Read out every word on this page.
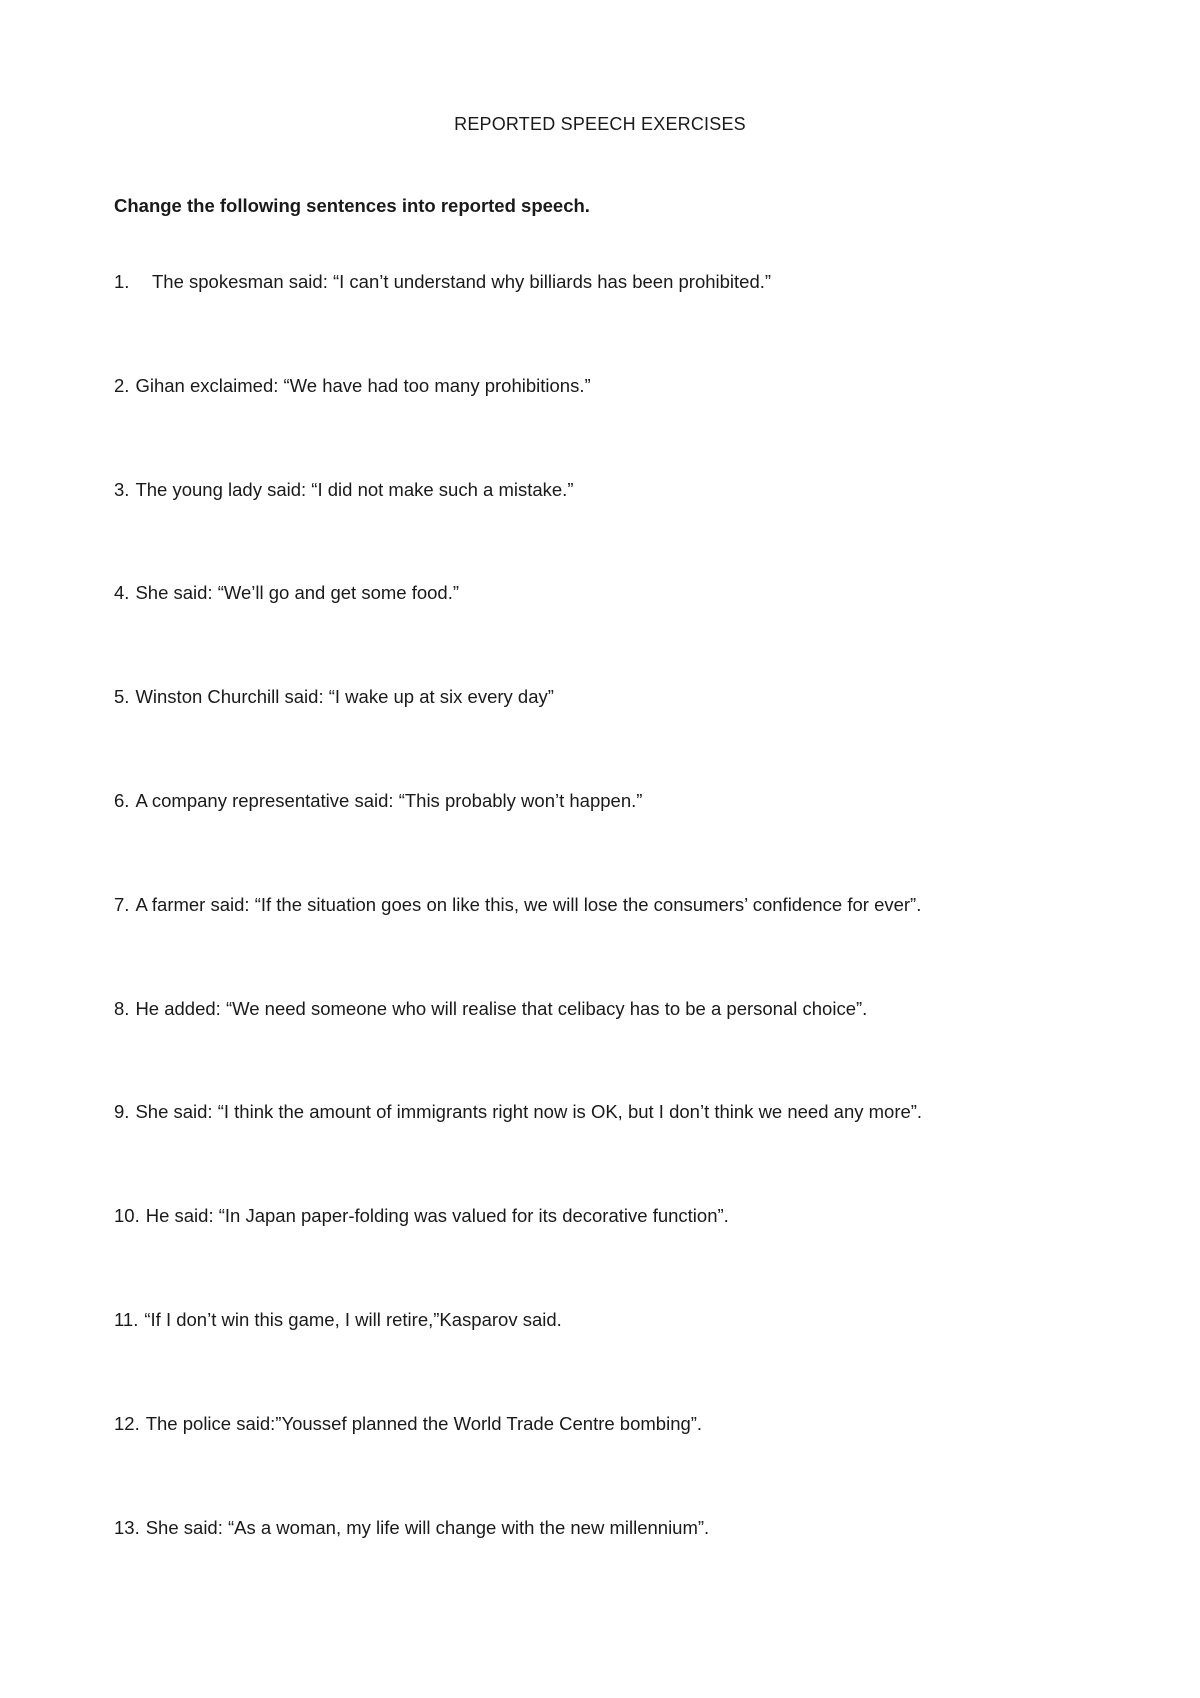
REPORTED SPEECH EXERCISES

Change the following sentences into reported speech.

1. The spokesman said: “I can’t understand why billiards has been prohibited.”
2. Gihan exclaimed: “We have had too many prohibitions.”
3. The young lady said: “I did not make such a mistake.”
4. She said: “We’ll go and get some food.”
5. Winston Churchill said: “I wake up at six every day”
6. A company representative said: “This probably won’t happen.”
7. A farmer said: “If the situation goes on like this, we will lose the consumers’ confidence for ever”.
8. He added: “We need someone who will realise that celibacy has to be a personal choice”.
9. She said: “I think the amount of immigrants right now is OK, but I don’t think we need any more”.
10. He said: “In Japan paper-folding was valued for its decorative function”.
11. “If I don’t win this game, I will retire,”Kasparov said.
12. The police said:”Youssef planned the World Trade Centre bombing”.
13. She said: “As a woman, my life will change with the new millennium”.
